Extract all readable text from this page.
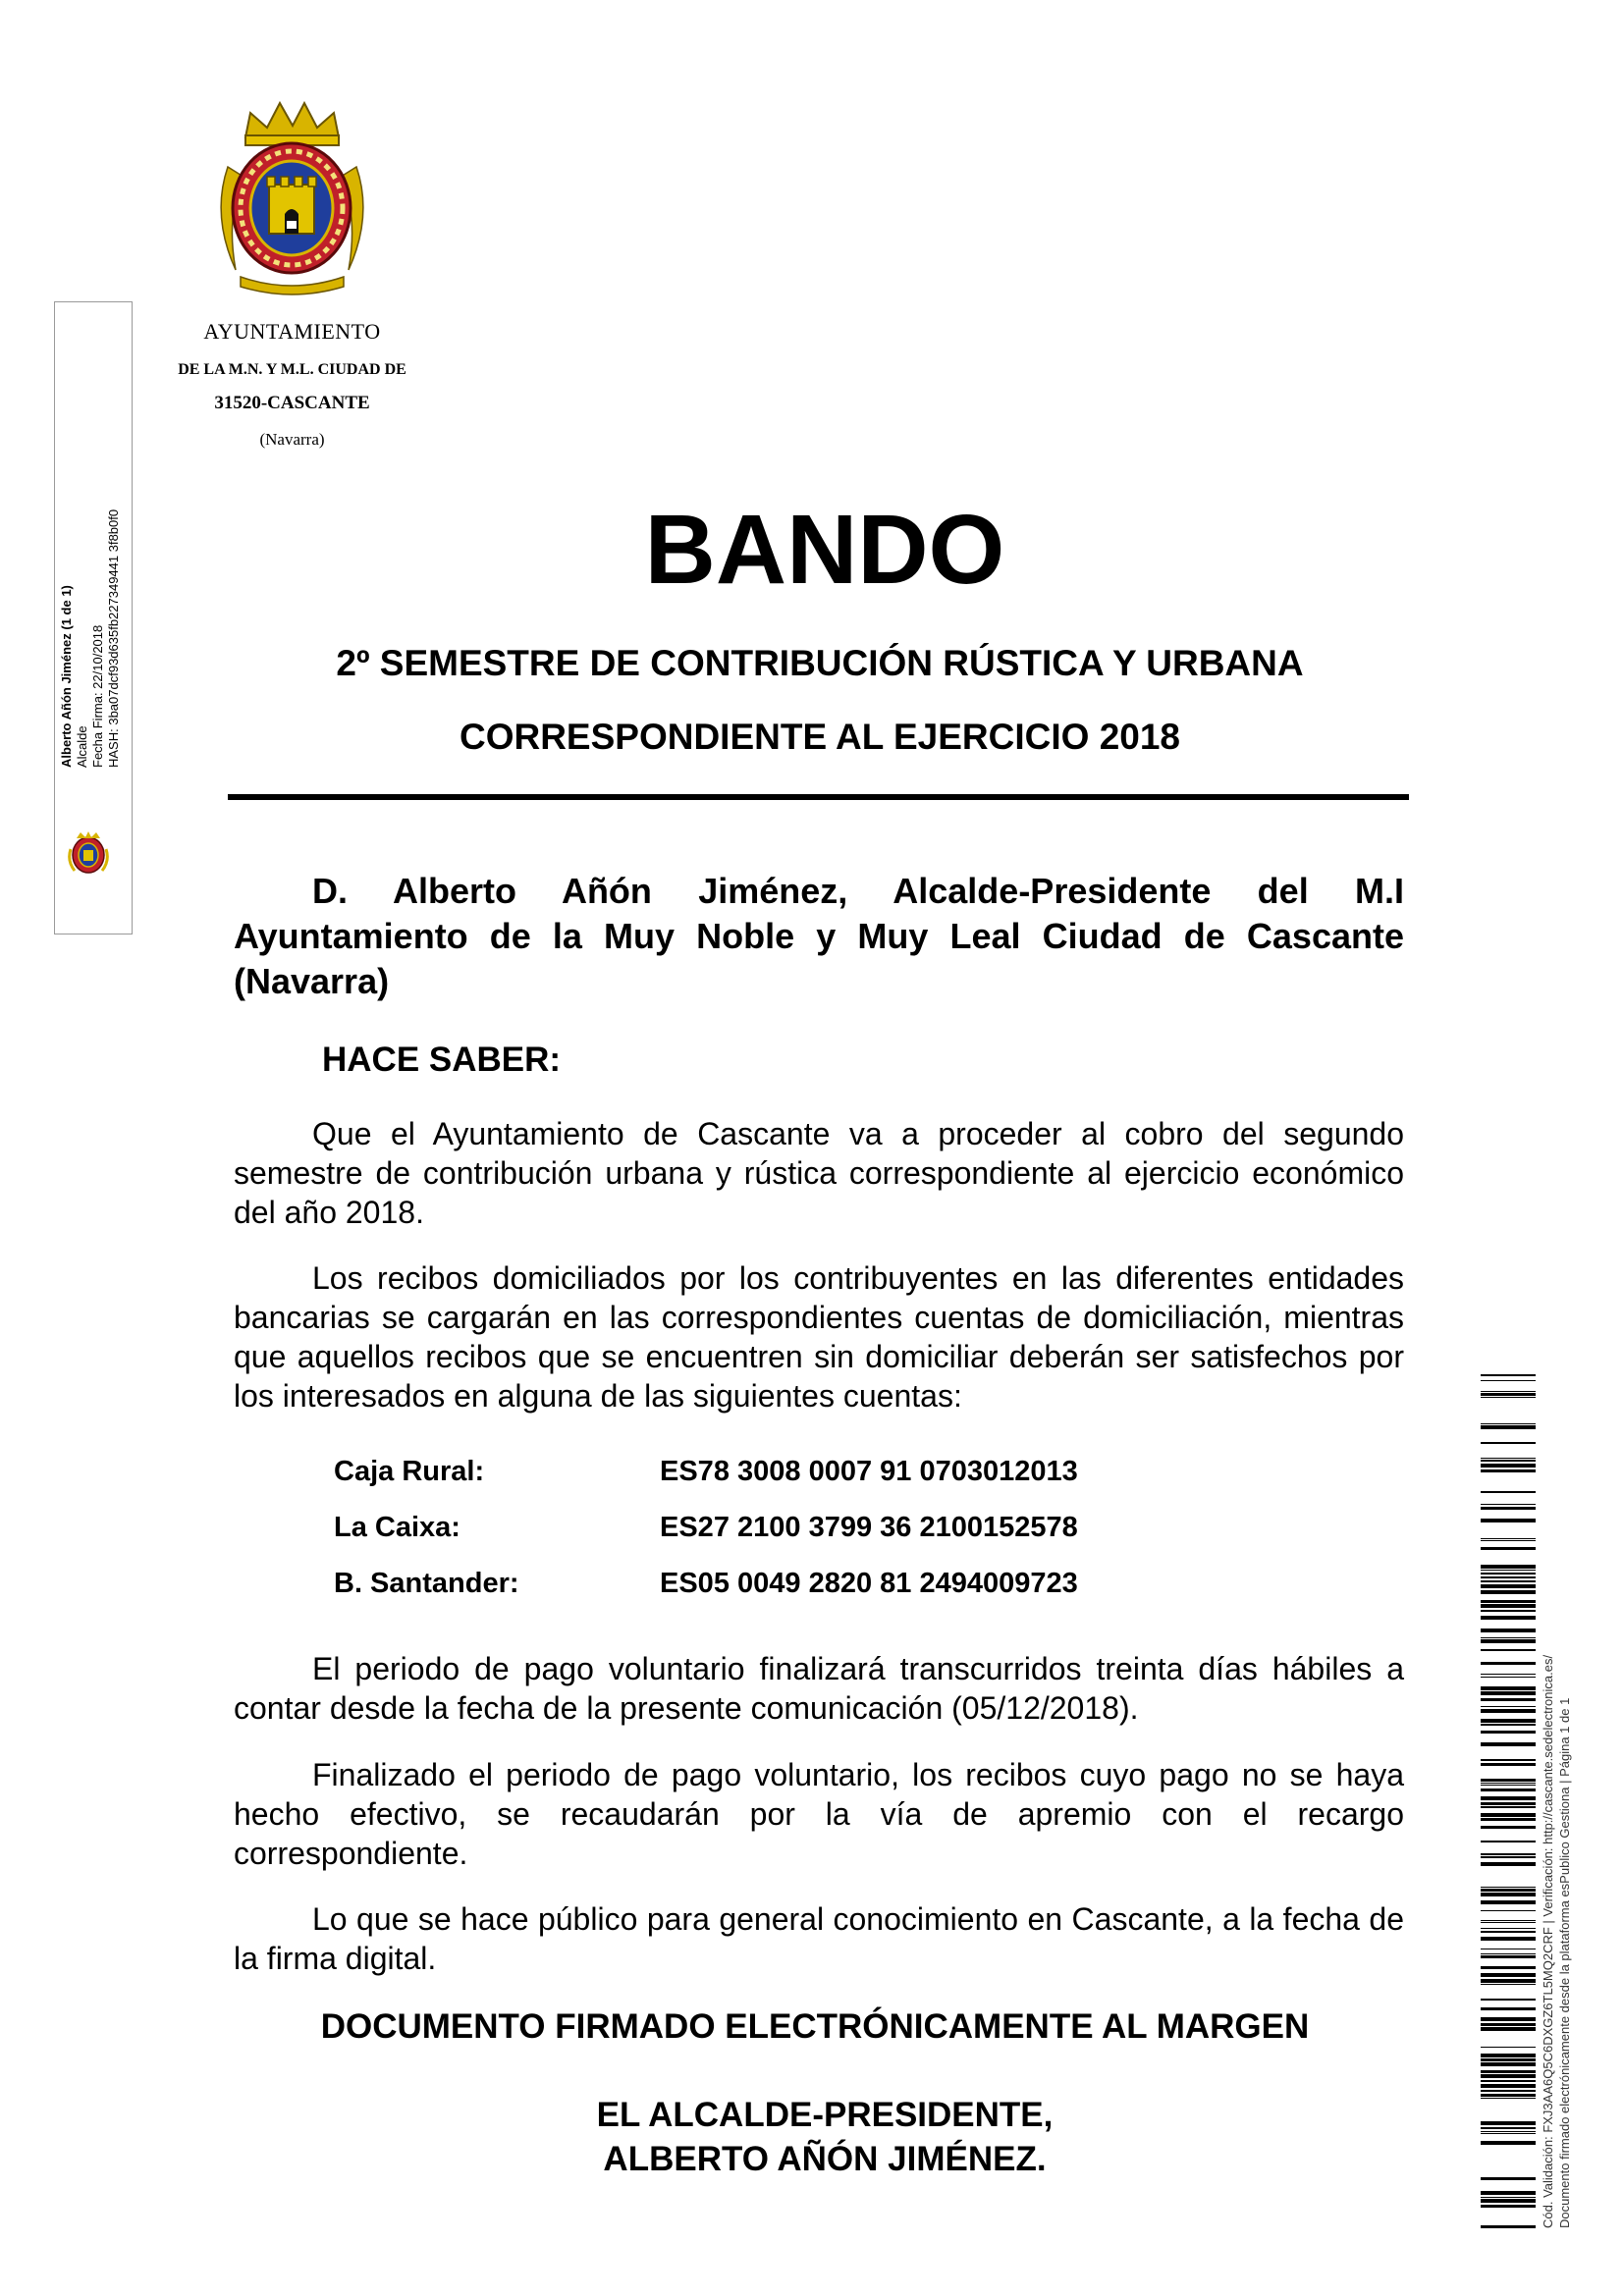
AYUNTAMIENTO
DE LA M.N. Y M.L. CIUDAD DE
31520-CASCANTE
(Navarra)
Alberto Añón Jiménez (1 de 1) Alcalde Fecha Firma: 22/10/2018 HASH: 3ba07dcf93d635fb227349441 3f8b0f0	BANDO
2º SEMESTRE DE CONTRIBUCIÓN RÚSTICA Y URBANA
CORRESPONDIENTE AL EJERCICIO 2018
D. Alberto Añón Jiménez, Alcalde-Presidente del M.I Ayuntamiento de la Muy Noble y Muy Leal Ciudad de Cascante (Navarra)
HACE SABER:
Que el Ayuntamiento de Cascante va a proceder al cobro del segundo semestre de contribución urbana y rústica correspondiente al ejercicio económico del año 2018.
Los recibos domiciliados por los contribuyentes en las diferentes entidades bancarias se cargarán en las correspondientes cuentas de domiciliación, mientras que aquellos recibos que se encuentren sin domiciliar deberán ser satisfechos por los interesados en alguna de las siguientes cuentas:
Caja Rural:	ES78 3008 0007 91 0703012013
La Caixa:	ES27 2100 3799 36 2100152578
B. Santander:	ES05 0049 2820 81 2494009723
El periodo de pago voluntario finalizará transcurridos treinta días hábiles a contar desde la fecha de la presente comunicación (05/12/2018).
Finalizado el periodo de pago voluntario, los recibos cuyo pago no se haya hecho efectivo, se recaudarán por la vía de apremio con el recargo correspondiente.
Lo que se hace público para general conocimiento en Cascante, a la fecha de la firma digital.
DOCUMENTO FIRMADO ELECTRÓNICAMENTE AL MARGEN
EL ALCALDE-PRESIDENTE,
ALBERTO AÑÓN JIMÉNEZ.	Cód. Validación: FXJ3AA6Q5C6DXGZ6TL5MQ2CRF | Verificación: http://cascante.sedelectronica.es/ Documento firmado electrónicamente desde la plataforma esPublico Gestiona | Página 1 de 1
